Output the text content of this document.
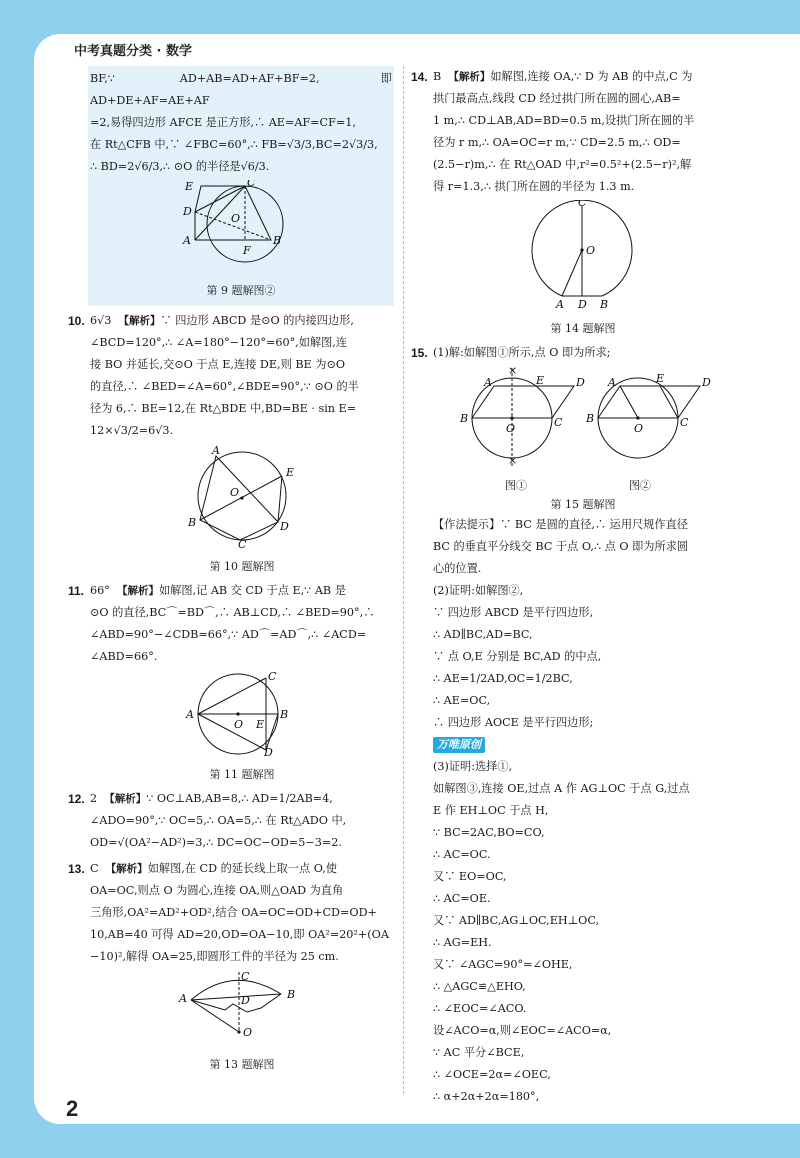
中考真题分类 · 数学
2

BF,∵ AD+AB=AD+AF+BF=2,即 AD+DE+AF=AE+AF

=2,易得四边形 AFCE 是正方形,∴ AE=AF=CF=1,

在 Rt△CFB 中,∵ ∠FBC=60°,∴ FB=√3/3,BC=2√3/3,

∴ BD=2√6/3,∴ ⊙O 的半径是√6/3.

E	C
D
O
A
F
B
第 9 题解图②
10. 6√3 【解析】∵ 四边形 ABCD 是⊙O 的内接四边形,

∠BCD=120°,∴ ∠A=180°−120°=60°,如解图,连

接 BO 并延长,交⊙O 于点 E,连接 DE,则 BE 为⊙O

的直径,∴ ∠BED=∠A=60°,∠BDE=90°,∵ ⊙O 的半

径为 6,∴ BE=12,在 Rt△BDE 中,BD=BE · sin E=

12×√3/2=6√3.

A
E
O
B	D
C
第 10 题解图
11. 66° 【解析】如解图,记 AB 交 CD 于点 E,∵ AB 是

⊙O 的直径,BC⌒=BD⌒,∴ AB⊥CD,∴ ∠BED=90°,∴

∠ABD=90°−∠CDB=66°,∵ AD⌒=AD⌒,∴ ∠ACD=

∠ABD=66°.

A
C
B
O E
D
第 11 题解图
12. 2 【解析】∵ OC⊥AB,AB=8,∴ AD=1/2AB=4,

∠ADO=90°,∵ OC=5,∴ OA=5,∴ 在 Rt△ADO 中,

OD=√(OA²−AD²)=3,∴ DC=OC−OD=5−3=2.

13. C 【解析】如解图,在 CD 的延长线上取一点 O,使

OA=OC,则点 O 为圆心,连接 OA,则△OAD 为直角

三角形,OA²=AD²+OD²,结合 OA=OC=OD+CD=OD+

10,AB=40 可得 AD=20,OD=OA−10,即 OA²=20²+(OA

−10)²,解得 OA=25,即圆形工件的半径为 25 cm.

C
A	B
D
O
第 13 题解图
14. B 【解析】如解图,连接 OA,∵ D 为 AB 的中点,C 为

拱门最高点,线段 CD 经过拱门所在圆的圆心,AB=

1 m,∴ CD⊥AB,AD=BD=0.5 m,设拱门所在圆的半

径为 r m,∴ OA=OC=r m,∵ CD=2.5 m,∴ OD=

(2.5−r)m,∴ 在 Rt△OAD 中,r²=0.5²+(2.5−r)²,解

得 r=1.3,∴ 拱门所在圆的半径为 1.3 m.

C
O
A D B
第 14 题解图
15. (1)解:如解图①所示,点 O 即为所求;

×
×
A	E	D
B
O	C
A	E	D
B
O	C
图①	图②
第 15 题解图

【作法提示】∵ BC 是圆的直径,∴ 运用尺规作直径

BC 的垂直平分线交 BC 于点 O,∴ 点 O 即为所求圆

心的位置.

(2)证明:如解图②,

∵ 四边形 ABCD 是平行四边形,

∴ AD∥BC,AD=BC,

∵ 点 O,E 分别是 BC,AD 的中点,

∴ AE=1/2AD,OC=1/2BC,

∴ AE=OC,

∴ 四边形 AOCE 是平行四边形;

万唯原创

(3)证明:选择①,

如解图③,连接 OE,过点 A 作 AG⊥OC 于点 G,过点

E 作 EH⊥OC 于点 H,

∵ BC=2AC,BO=CO,

∴ AC=OC.

又∵ EO=OC,

∴ AC=OE.

又∵ AD∥BC,AG⊥OC,EH⊥OC,

∴ AG=EH.

又∵ ∠AGC=90°=∠OHE,

∴ △AGC≌△EHO,

∴ ∠EOC=∠ACO.

设∠ACO=α,则∠EOC=∠ACO=α,

∵ AC 平分∠BCE,

∴ ∠OCE=2α=∠OEC,

∴ α+2α+2α=180°,
